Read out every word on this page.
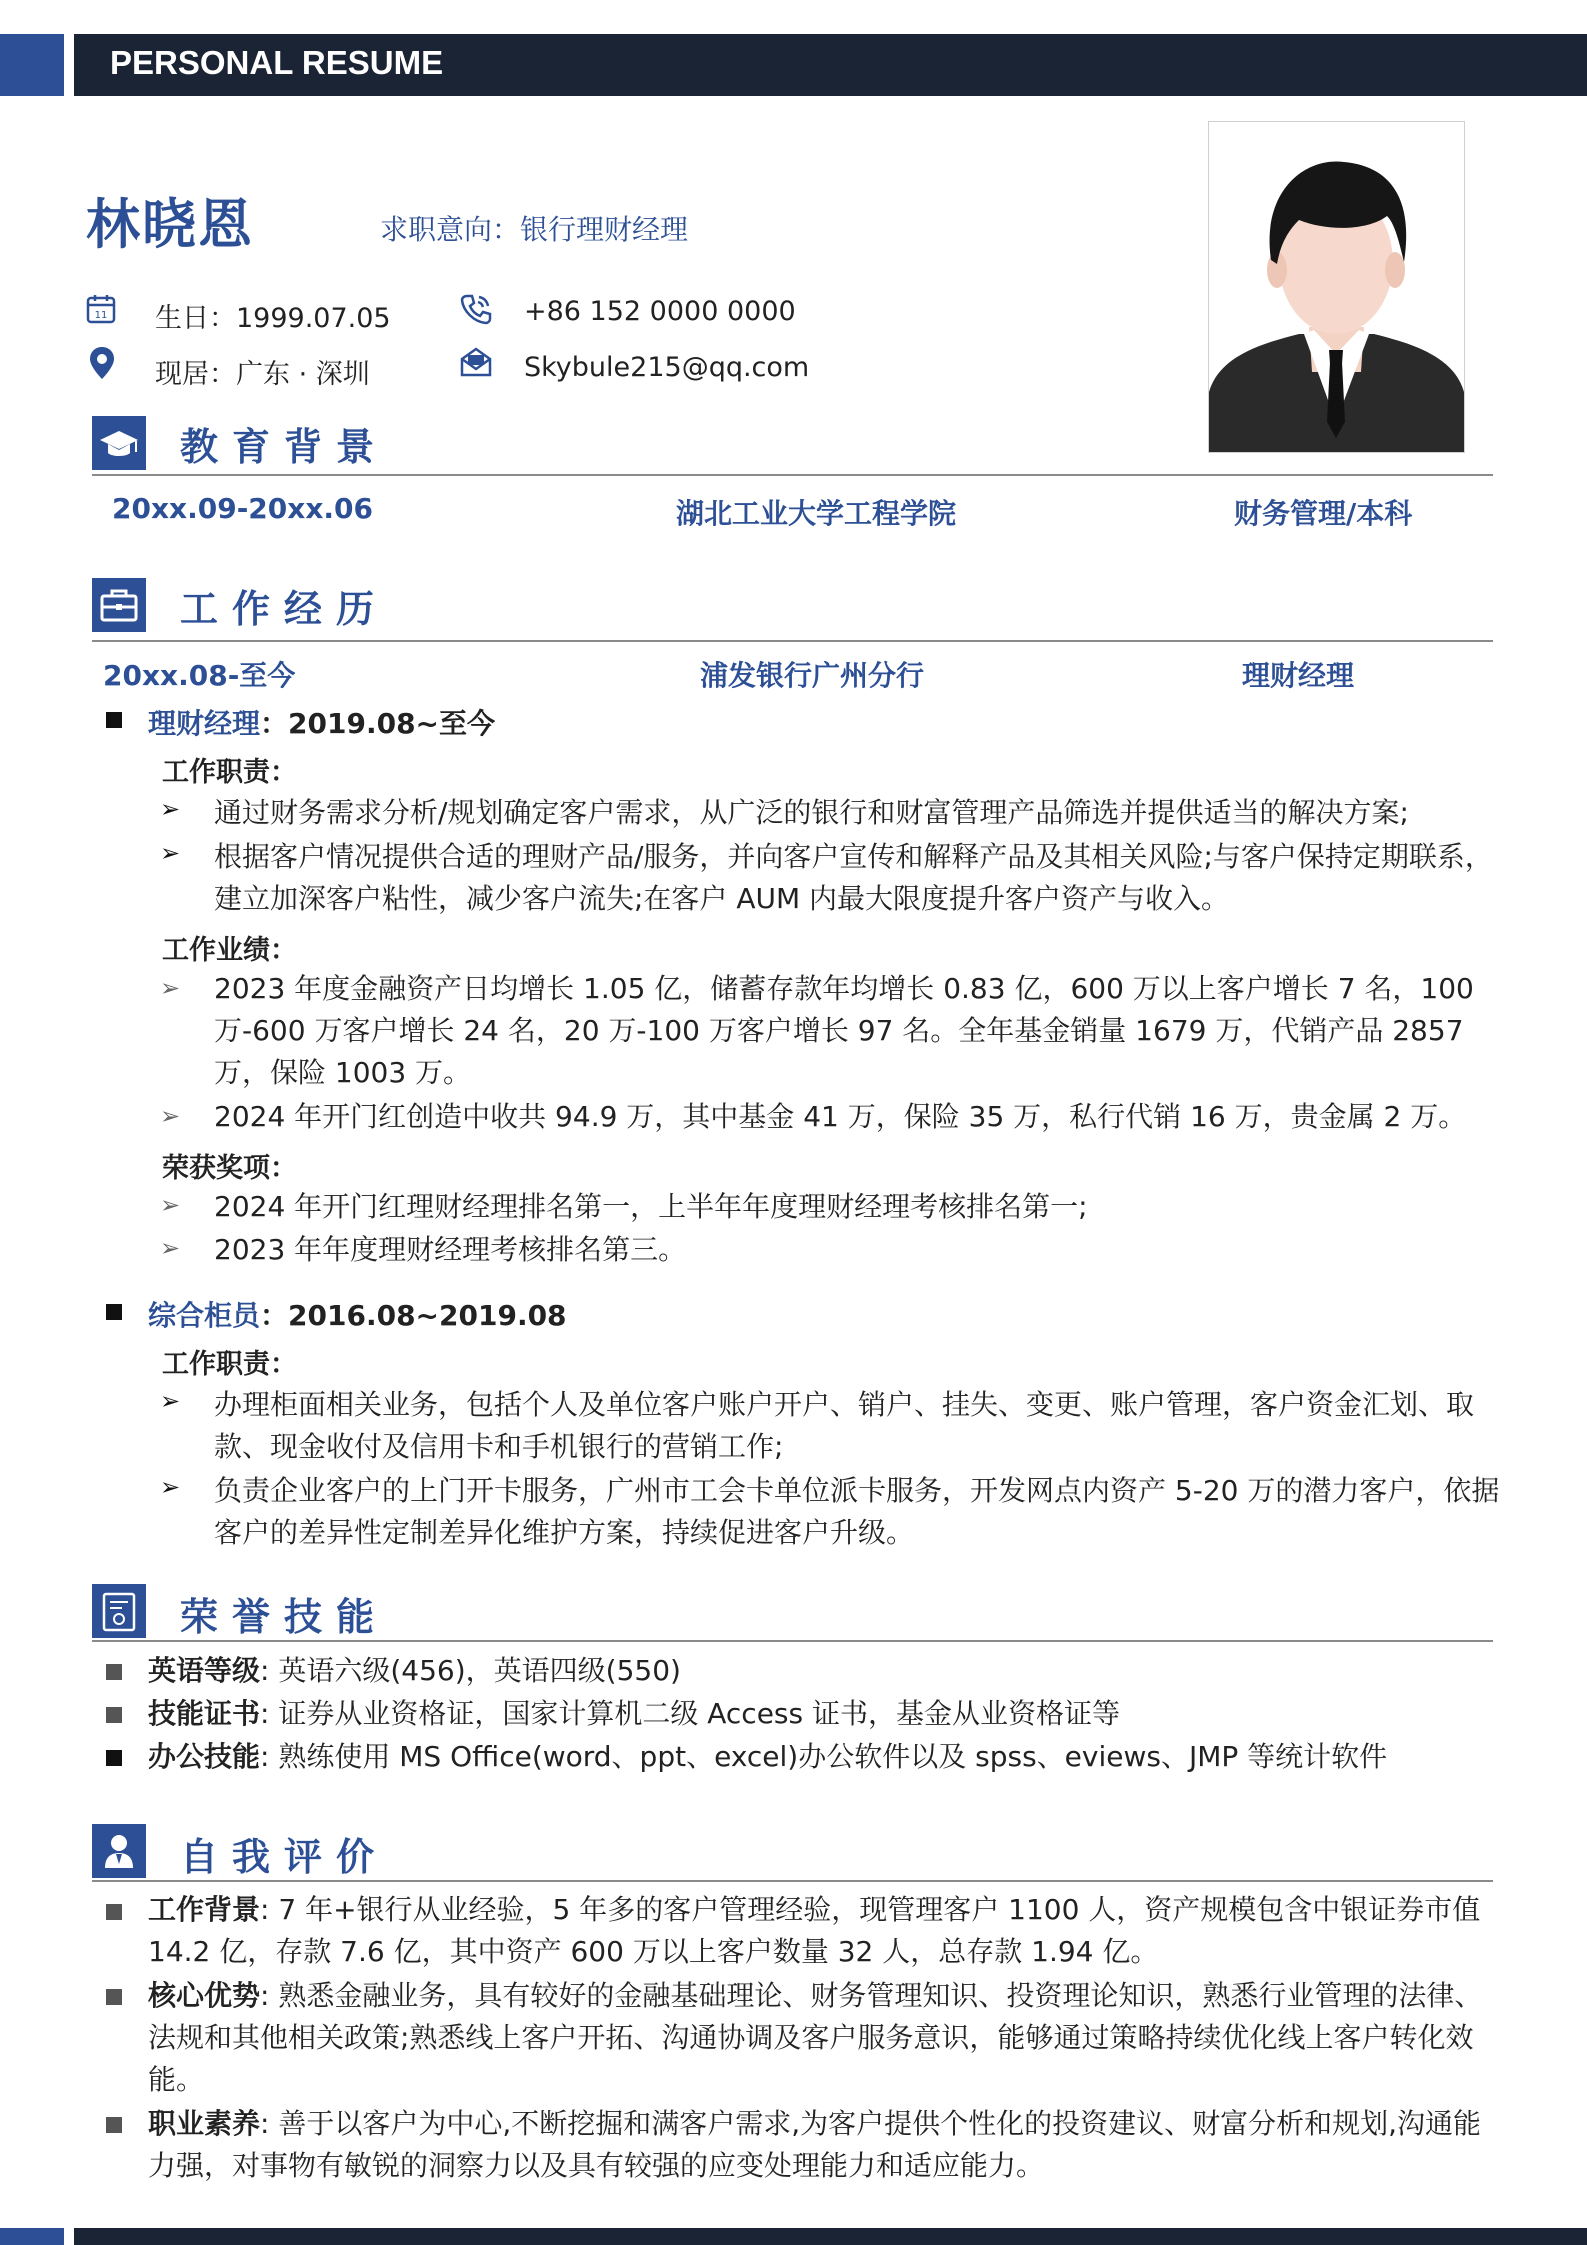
PERSONAL RESUME
林晓恩	求职意向：银行理财经理
11 生日：1999.07.05	+86 152 0000 0000
现居：广东 · 深圳	Skybule215@qq.com
教育背景
20xx.09-20xx.06	湖北工业大学工程学院	财务管理/本科
工作经历
20xx.08-至今	浦发银行广州分行	理财经理
理财经理：2019.08~至今
工作职责：
➢ 通过财务需求分析/规划确定客户需求，从广泛的银行和财富管理产品筛选并提供适当的解决方案;
➢ 根据客户情况提供合适的理财产品/服务，并向客户宣传和解释产品及其相关风险;与客户保持定期联系，建立加深客户粘性，减少客户流失;在客户 AUM 内最大限度提升客户资产与收入。
工作业绩：
➢ 2023 年度金融资产日均增长 1.05 亿，储蓄存款年均增长 0.83 亿，600 万以上客户增长 7 名，100 万-600 万客户增长 24 名，20 万-100 万客户增长 97 名。全年基金销量 1679 万，代销产品 2857 万，保险 1003 万。
➢ 2024 年开门红创造中收共 94.9 万，其中基金 41 万，保险 35 万，私行代销 16 万，贵金属 2 万。
荣获奖项：
➢ 2024 年开门红理财经理排名第一，上半年年度理财经理考核排名第一;
➢ 2023 年年度理财经理考核排名第三。
综合柜员：2016.08~2019.08
工作职责：
➢ 办理柜面相关业务，包括个人及单位客户账户开户、销户、挂失、变更、账户管理，客户资金汇划、取款、现金收付及信用卡和手机银行的营销工作;
➢ 负责企业客户的上门开卡服务，广州市工会卡单位派卡服务，开发网点内资产 5-20 万的潜力客户，依据客户的差异性定制差异化维护方案，持续促进客户升级。
荣誉技能
英语等级: 英语六级(456)，英语四级(550)
技能证书: 证券从业资格证，国家计算机二级 Access 证书，基金从业资格证等
办公技能: 熟练使用 MS Office(word、ppt、excel)办公软件以及 spss、eviews、JMP 等统计软件
自我评价
工作背景: 7 年+银行从业经验，5 年多的客户管理经验，现管理客户 1100 人，资产规模包含中银证券市值 14.2 亿，存款 7.6 亿，其中资产 600 万以上客户数量 32 人，总存款 1.94 亿。
核心优势: 熟悉金融业务，具有较好的金融基础理论、财务管理知识、投资理论知识，熟悉行业管理的法律、法规和其他相关政策;熟悉线上客户开拓、沟通协调及客户服务意识，能够通过策略持续优化线上客户转化效能。
职业素养: 善于以客户为中心,不断挖掘和满客户需求,为客户提供个性化的投资建议、财富分析和规划,沟通能力强，对事物有敏锐的洞察力以及具有较强的应变处理能力和适应能力。
